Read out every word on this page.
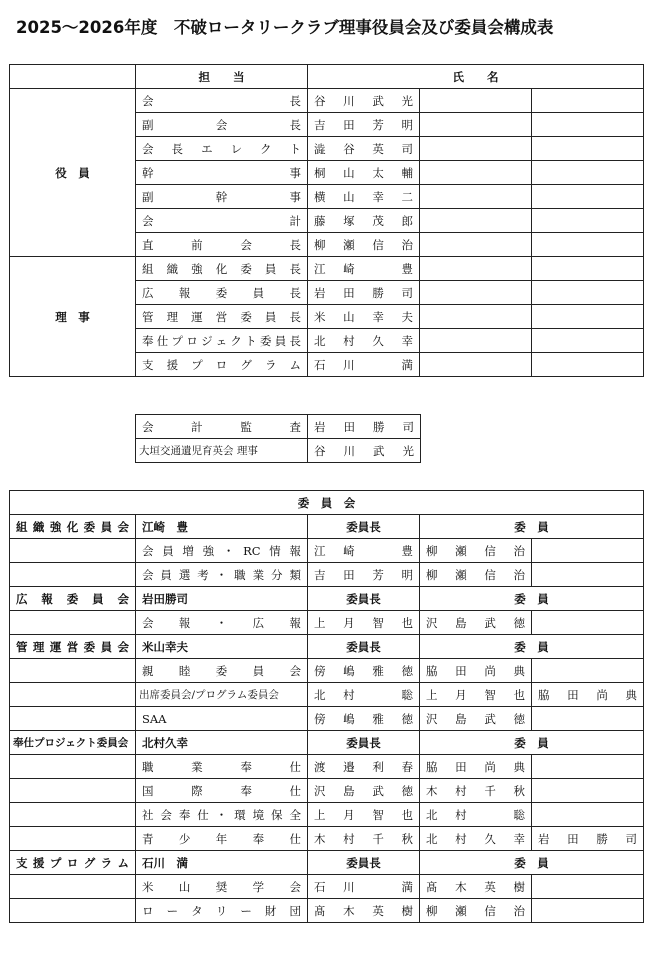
2025～2026年度　不破ロータリークラブ理事役員会及び委員会構成表
	担　　当	氏　　名		
役　員	会長	谷川武光		
	副会長	吉田芳明		
	会長エレクト	澁谷英司		
	幹事	桐山太輔		
	副幹事	横山幸二		
	会計	藤塚茂郎		
	直前会長	柳瀬信治		
理　事	組織強化委員長	江崎　豊		
	広報委員長	岩田勝司		
	管理運営委員長	米山幸夫		
	奉仕プロジェクト委員長	北村久幸		
	支援プログラム	石川　満		
会計監査	岩田勝司
大垣交通遺児育英会 理事	谷川武光
委　員　会				
組織強化委員会	江崎　豊	委員長	委　員	
	会員増強・RC情報	江崎　豊	柳瀬信治	
	会員選考・職業分類	吉田芳明	柳瀬信治	
広報委員会	岩田勝司	委員長	委　員	
	会報・広報	上月智也	沢島武徳	
管理運営委員会	米山幸夫	委員長	委　員	
	親睦委員会	傍嶋雅徳	脇田尚典	
	出席委員会/プログラム委員会	北村　聡	上月智也	脇田尚典
	SAA	傍嶋雅徳	沢島武徳	
奉仕プロジェクト委員会	北村久幸	委員長	委　員	
	職業奉仕	渡邉利春	脇田尚典	
	国際奉仕	沢島武徳	木村千秋	
	社会奉仕・環境保全	上月智也	北村　聡	
	青少年奉仕	木村千秋	北村久幸	岩田勝司
支援プログラム	石川　満	委員長	委　員	
	米山奨学会	石川　満	髙木英樹	
	ロータリー財団	髙木英樹	柳瀬信治	
